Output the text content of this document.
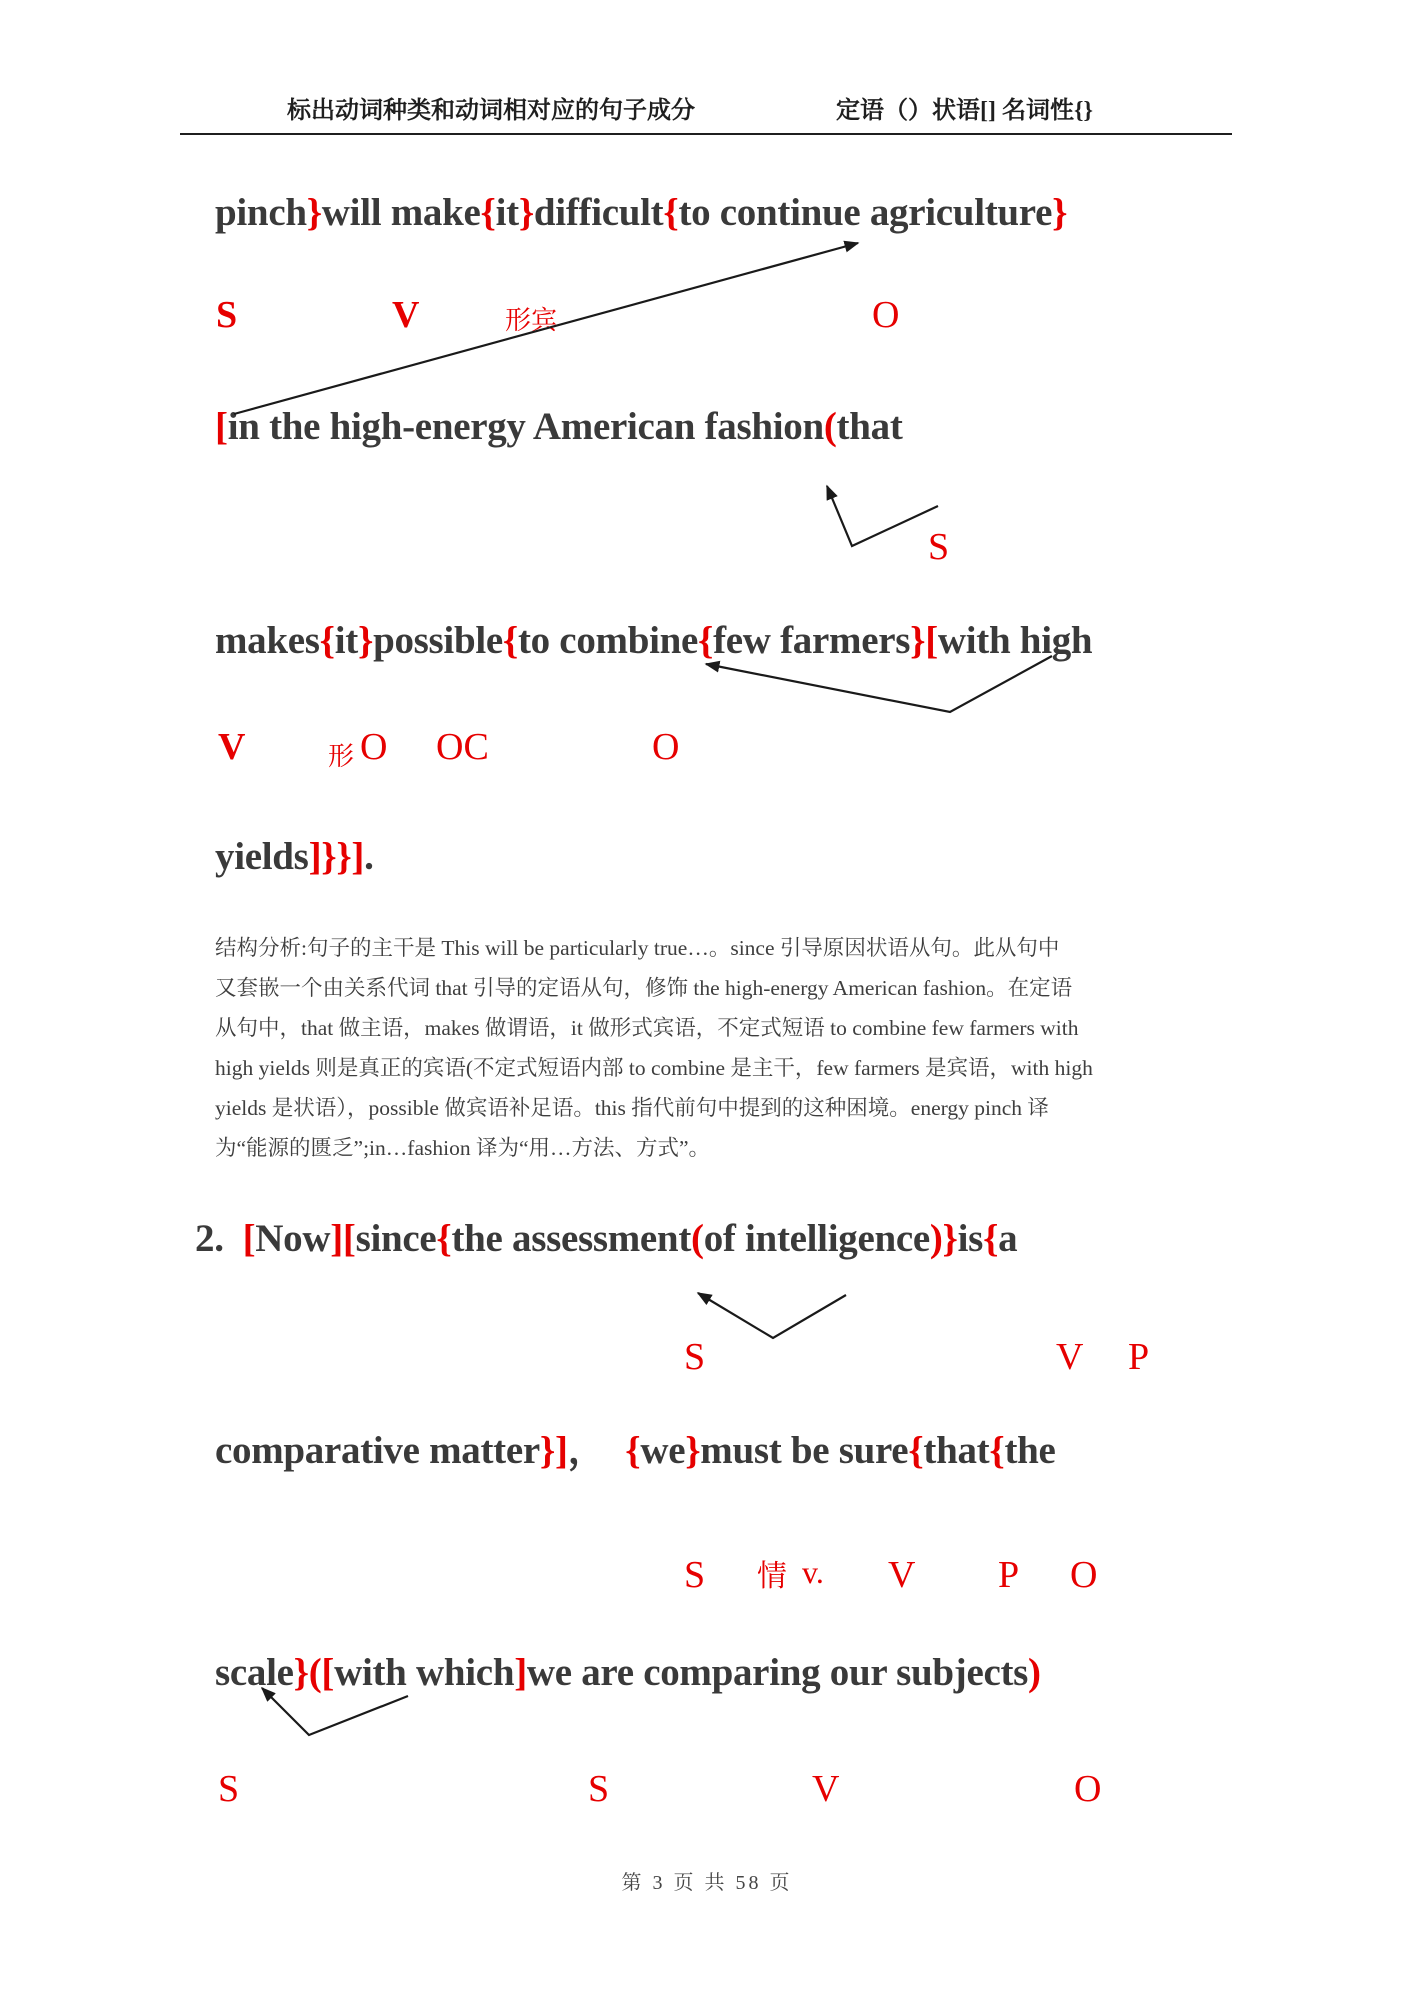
标出动词种类和动词相对应的句子成分	定语（）状语[] 名词性{}
pinch}will make{it}difficult{to continue agriculture}
S	V	形宾	O
[in the high-energy American fashion(that
S
makes{it}possible{to combine{few farmers}[with high
V	形 O OC	O
yields]}}].
结构分析:句子的主干是 This will be particularly true…。since 引导原因状语从句。此从句中
又套嵌一个由关系代词 that 引导的定语从句，修饰 the high-energy American fashion。在定语
从句中，that 做主语，makes 做谓语，it 做形式宾语，不定式短语 to combine few farmers with
high yields 则是真正的宾语(不定式短语内部 to combine 是主干，few farmers 是宾语，with high
yields 是状语），possible 做宾语补足语。this 指代前句中提到的这种困境。energy pinch 译
为“能源的匮乏”;in…fashion 译为“用…方法、方式”。
2.  [Now][since{the assessment(of intelligence)}is{a
S	V P
comparative matter}]，  {we}must be sure{that{the
S 情 v. V P O
scale}([with which]we are comparing our subjects)
S	S	V	O
第 3 页 共 58 页
